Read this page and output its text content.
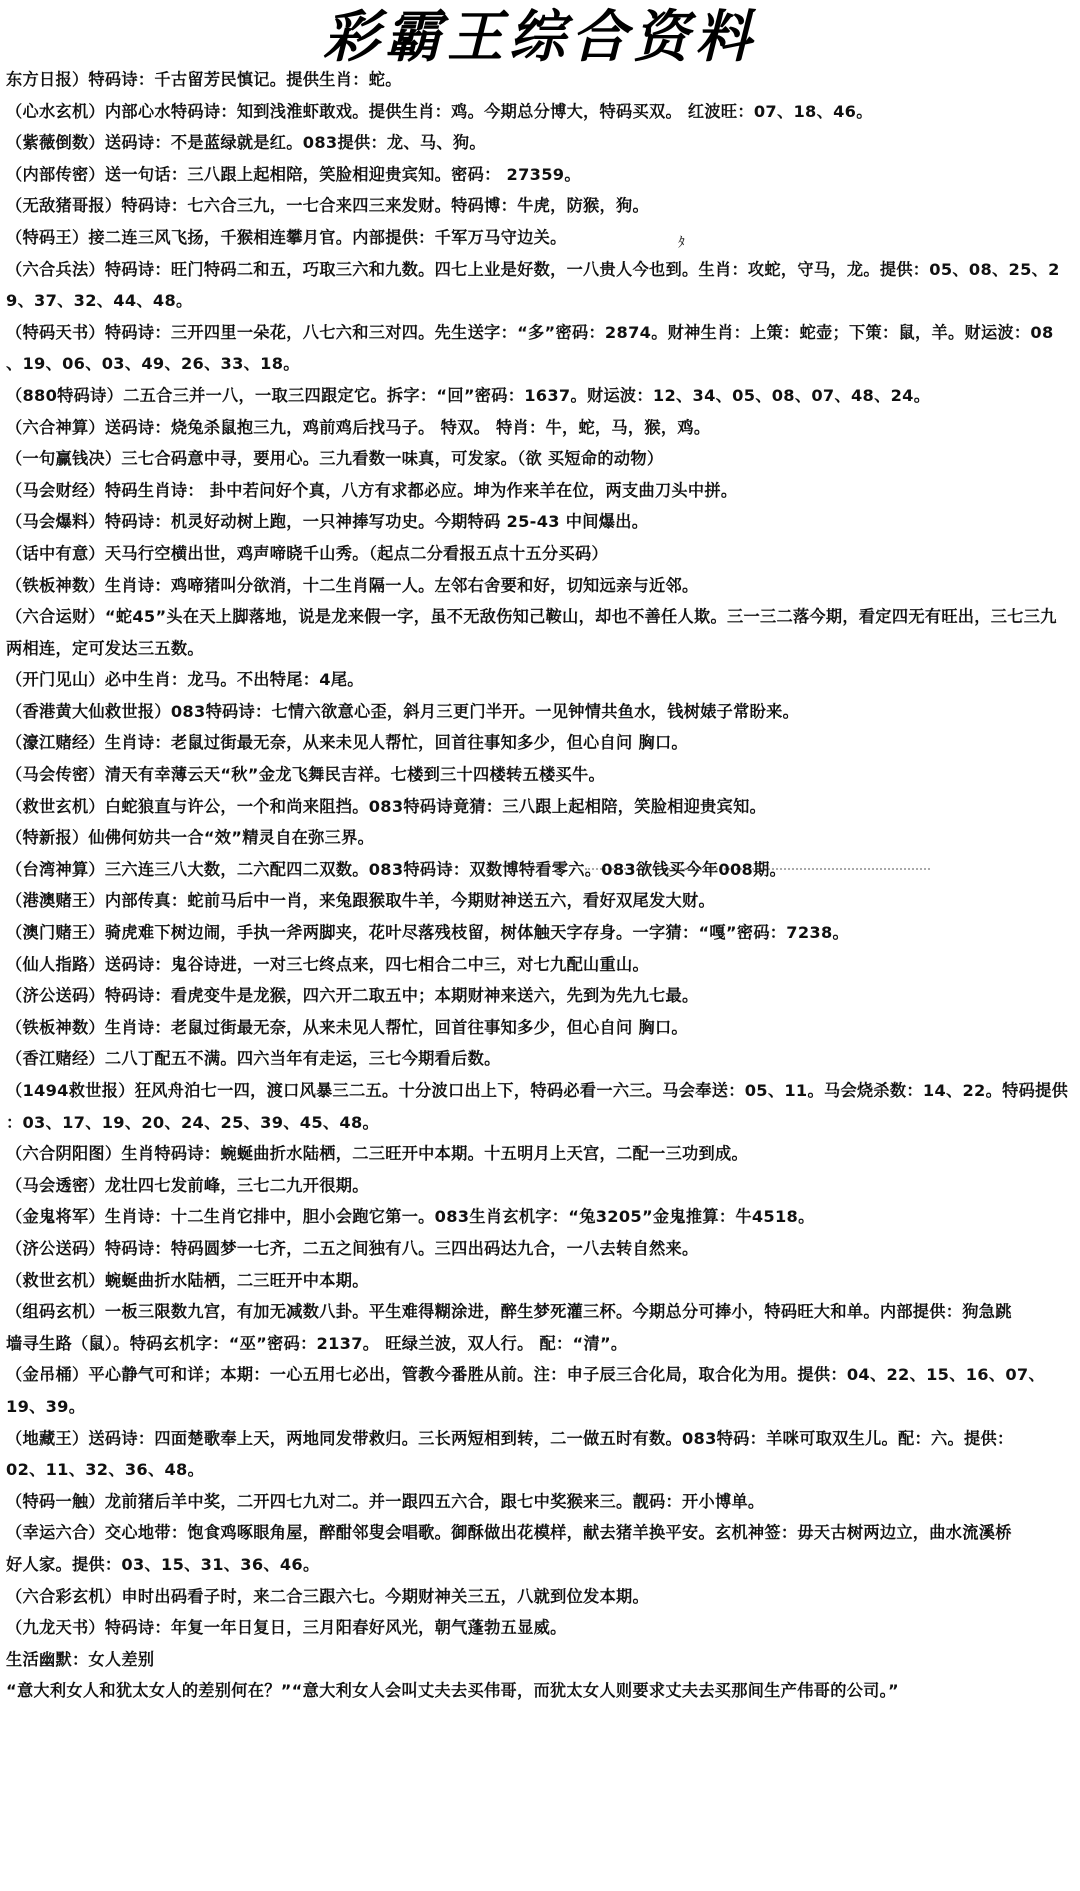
彩霸王综合资料
ﾀ
东方日报）特码诗：千古留芳民慎记。提供生肖：蛇。
（心水玄机）内部心水特码诗：知到浅淮虾敢戏。提供生肖：鸡。今期总分博大，特码买双。 红波旺：07、18、46。
（紫薇倒数）送码诗：不是蓝绿就是红。083提供：龙、马、狗。
（内部传密）送一句话：三八跟上起相陪，笑脸相迎贵宾知。密码： 27359。
（无敌猪哥报）特码诗：七六合三九，一七合来四三来发财。特码博：牛虎，防猴，狗。
（特码王）接二连三风飞扬，千猴相连攀月官。内部提供：千军万马守边关。
（六合兵法）特码诗：旺门特码二和五，巧取三六和九数。四七上业是好数，一八贵人今也到。生肖：攻蛇，守马，龙。提供：05、08、25、2
9、37、32、44、48。
（特码天书）特码诗：三开四里一朵花，八七六和三对四。先生送字：“多”密码：2874。财神生肖：上策：蛇壶；下策：鼠，羊。财运波：08
、19、06、03、49、26、33、18。
（880特码诗）二五合三并一八，一取三四跟定它。拆字：“回”密码：1637。财运波：12、34、05、08、07、48、24。
（六合神算）送码诗：烧兔杀鼠抱三九，鸡前鸡后找马子。 特双。 特肖：牛，蛇，马，猴，鸡。
（一句赢钱决）三七合码意中寻，要用心。三九看数一味真，可发家。（欲 买短命的动物）
（马会财经）特码生肖诗： 卦中若问好个真，八方有求都必应。坤为作来羊在位，两支曲刀头中拼。
（马会爆料）特码诗：机灵好动树上跑，一只神捧写功史。今期特码 25-43 中间爆出。
（话中有意）天马行空横出世，鸡声啼晓千山秀。（起点二分看报五点十五分买码）
（铁板神数）生肖诗：鸡啼猪叫分欲消，十二生肖隔一人。左邻右舍要和好，切知远亲与近邻。
（六合运财）“蛇45”头在天上脚落地，说是龙来假一字，虽不无敌伤知己鞍山，却也不善任人欺。三一三二落今期，看定四无有旺出，三七三九
两相连，定可发达三五数。
（开门见山）必中生肖：龙马。不出特尾：4尾。
（香港黄大仙救世报）083特码诗：七情六欲意心歪，斜月三更门半开。一见钟情共鱼水，钱树婊子常盼来。
（濠江赌经）生肖诗：老鼠过街最无奈，从来未见人帮忙，回首往事知多少，但心自问 胸口。
（马会传密）清天有幸薄云天“秋”金龙飞舞民吉祥。七楼到三十四楼转五楼买牛。
（救世玄机）白蛇狼直与许公，一个和尚来阻挡。083特码诗竟猜：三八跟上起相陪，笑脸相迎贵宾知。
（特新报）仙佛何妨共一合“效”精灵自在弥三界。
（台湾神算）三六连三八大数，二六配四二双数。083特码诗：双数博特看零六。083欲钱买今年008期。
（港澳赌王）内部传真：蛇前马后中一肖，来兔跟猴取牛羊，今期财神送五六，看好双尾发大财。
（澳门赌王）骑虎难下树边闹，手执一斧两脚夹，花叶尽落残枝留，树体触天字存身。一字猜：“嘎”密码：7238。
（仙人指路）送码诗：鬼谷诗进，一对三七终点来，四七相合二中三，对七九配山重山。
（济公送码）特码诗：看虎变牛是龙猴，四六开二取五中；本期财神来送六，先到为先九七最。
（铁板神数）生肖诗：老鼠过街最无奈，从来未见人帮忙，回首往事知多少，但心自问 胸口。
（香江赌经）二八丁配五不满。四六当年有走运，三七今期看后数。
（1494救世报）狂风舟泊七一四，渡口风暴三二五。十分波口出上下，特码必看一六三。马会奉送：05、11。马会烧杀数：14、22。特码提供
：03、17、19、20、24、25、39、45、48。
（六合阴阳图）生肖特码诗：蜿蜒曲折水陆栖，二三旺开中本期。十五明月上天宫，二配一三功到成。
（马会透密）龙壮四七发前峰，三七二九开很期。
（金鬼将军）生肖诗：十二生肖它排中，胆小会跑它第一。083生肖玄机字：“兔3205”金鬼推算：牛4518。
（济公送码）特码诗：特码圆梦一七齐，二五之间独有八。三四出码达九合，一八去转自然来。
（救世玄机）蜿蜒曲折水陆栖，二三旺开中本期。
（组码玄机）一板三限数九宫，有加无减数八卦。平生难得糊涂进，醉生梦死灌三杯。今期总分可捧小，特码旺大和单。内部提供：狗急跳
墙寻生路（鼠）。特码玄机字：“巫”密码：2137。 旺绿兰波，双人行。 配：“清”。
（金吊桶）平心静气可和详；本期：一心五用七必出，管教今番胜从前。注：申子辰三合化局，取合化为用。提供：04、22、15、16、07、
19、39。
（地藏王）送码诗：四面楚歌奉上天，两地同发带救归。三长两短相到转，二一做五时有数。083特码：羊咪可取双生儿。配：六。提供：
02、11、32、36、48。
（特码一触）龙前猪后羊中奖，二开四七九对二。并一跟四五六合，跟七中奖猴来三。靓码：开小博单。
（幸运六合）交心地带：饱食鸡啄眼角屋，醉酣邻叟会唱歌。御酥做出花模样，献去猪羊换平安。玄机神签：毋天古树两边立，曲水流溪桥
好人家。提供：03、15、31、36、46。
（六合彩玄机）申时出码看子时，来二合三跟六七。今期财神关三五，八就到位发本期。
（九龙天书）特码诗：年复一年日复日，三月阳春好风光，朝气蓬勃五显威。
生活幽默：女人差别
“意大利女人和犹太女人的差别何在？”“意大利女人会叫丈夫去买伟哥，而犹太女人则要求丈夫去买那间生产伟哥的公司。”
